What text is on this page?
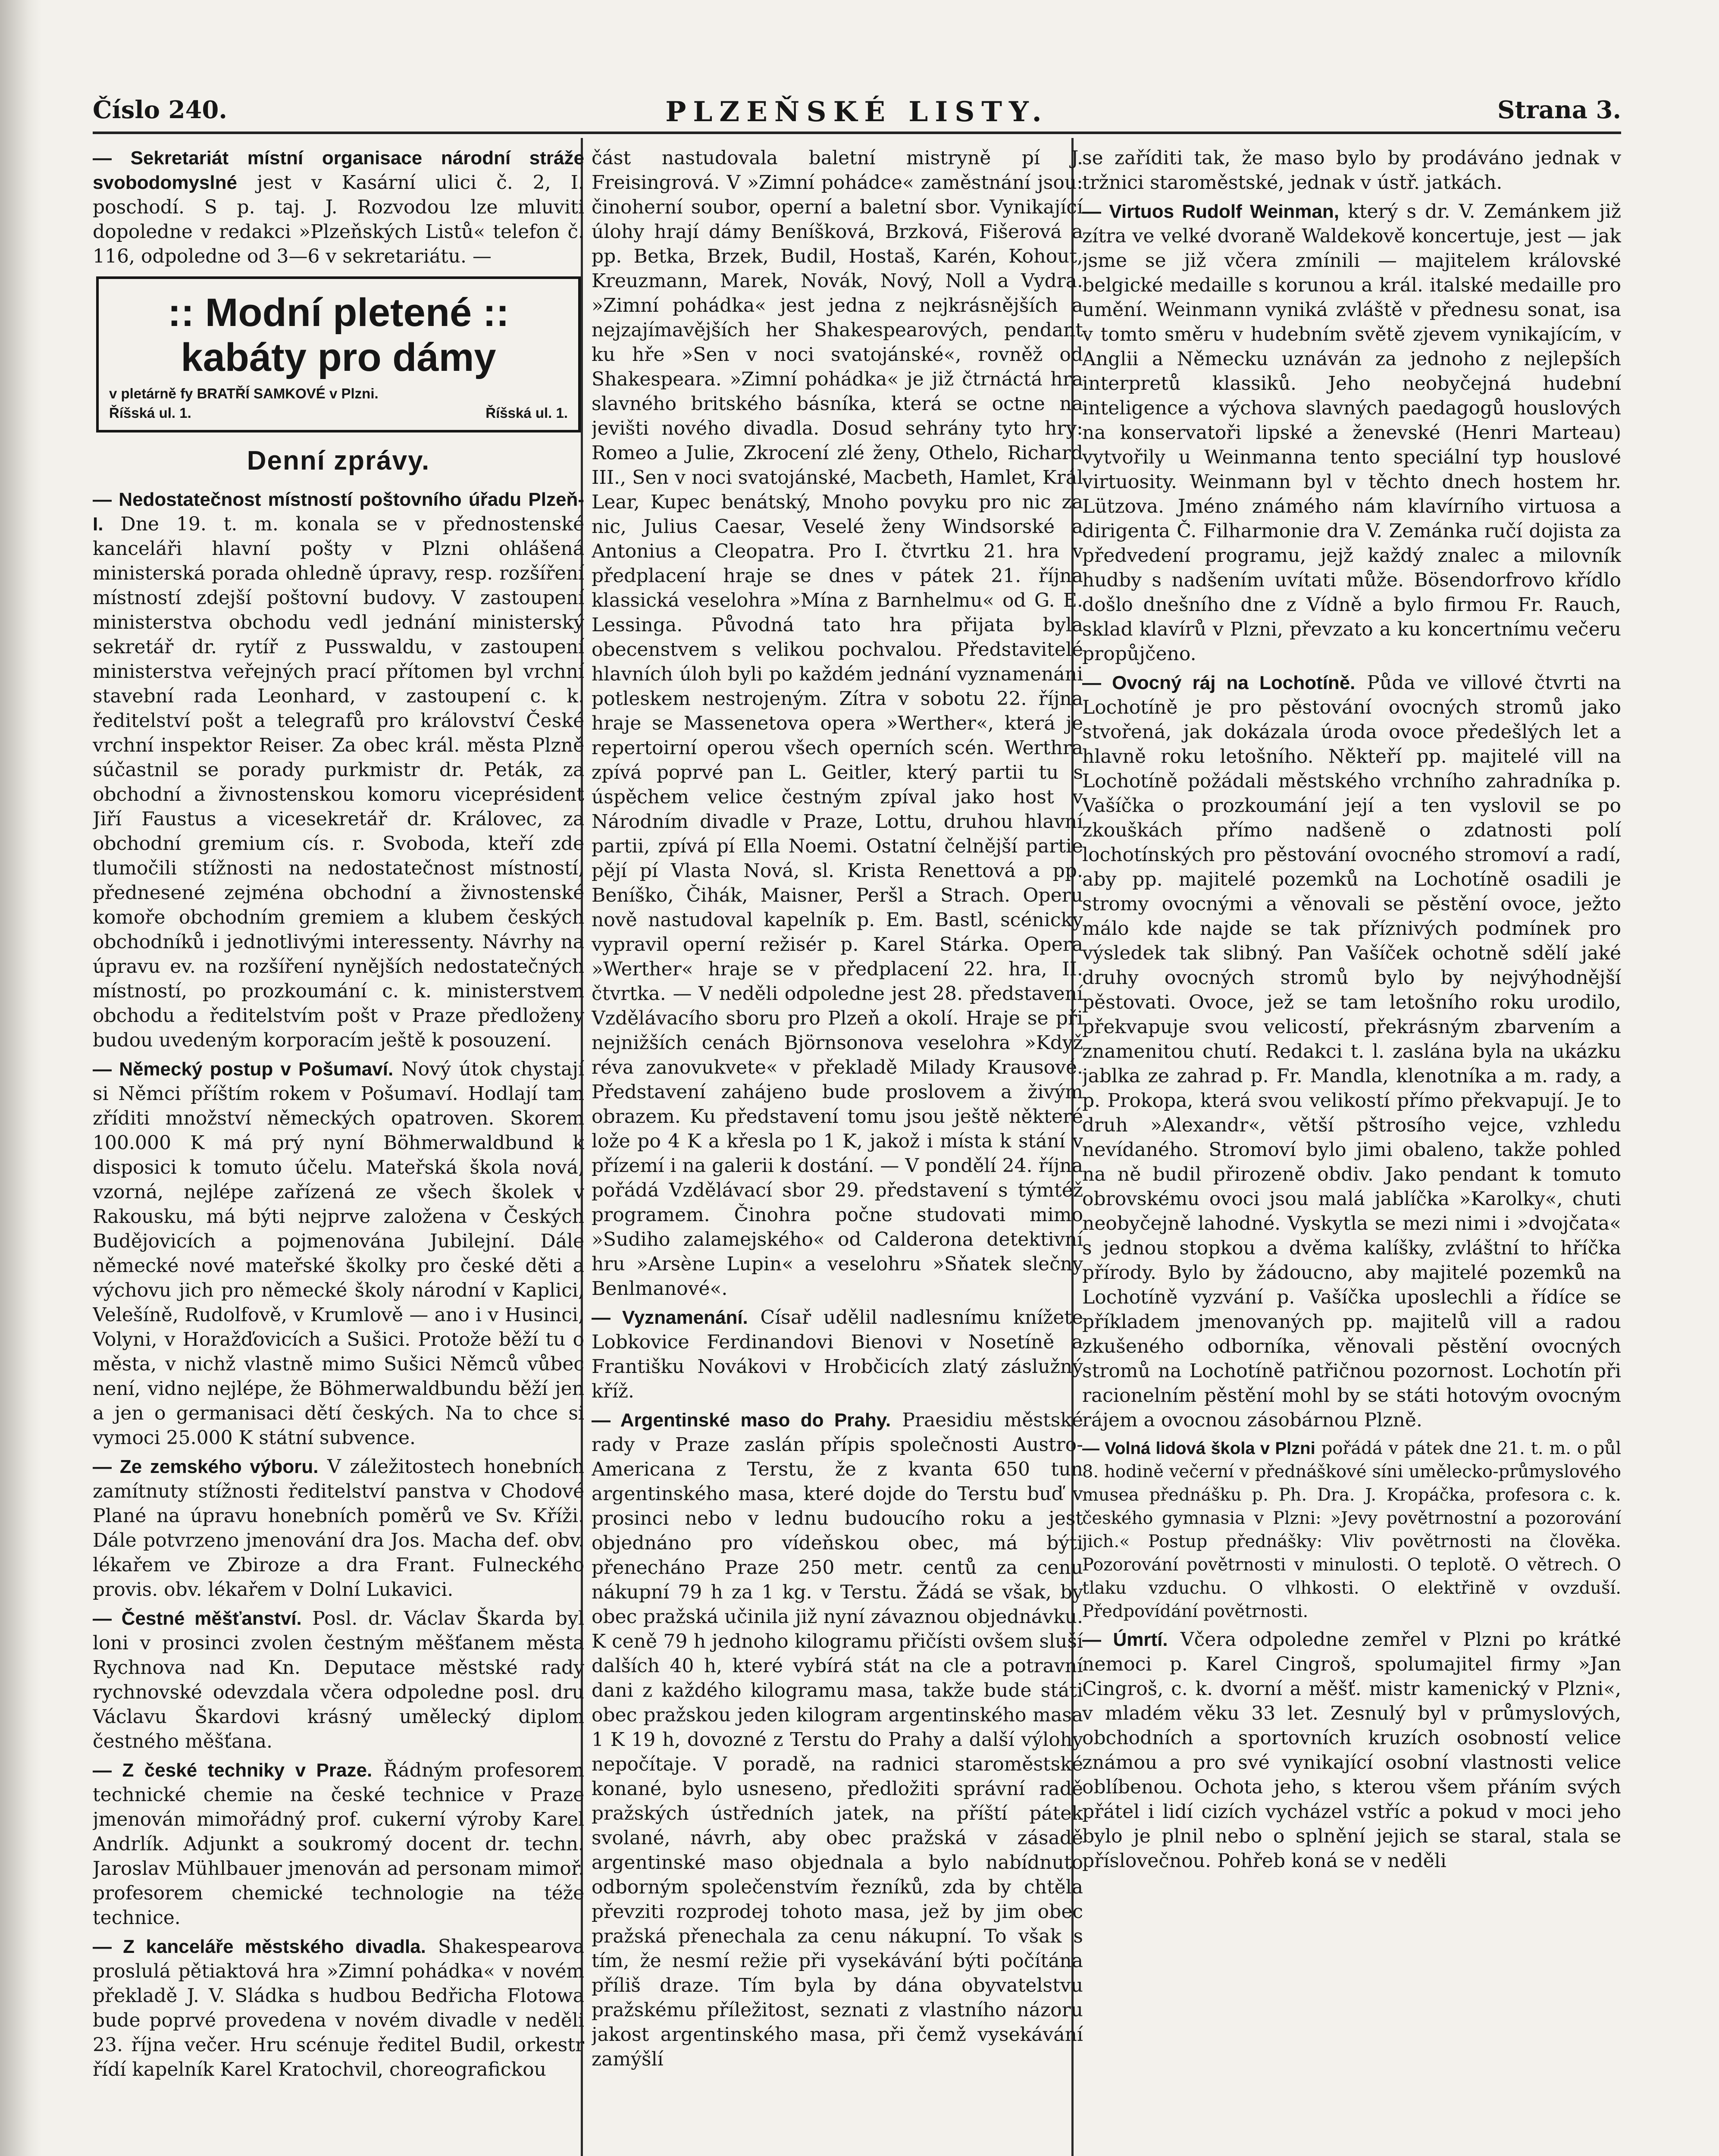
PLZEŇSKÉ LISTY.
Číslo 240.	Strana 3.

— Sekretariát místní organisace národní stráže svobodomyslné jest v Kasární ulici č. 2, I. poschodí. S p. taj. J. Rozvodou lze mluviti dopoledne v redakci »Plzeňských Listů« telefon č. 116, odpoledne od 3—6 v sekretariátu. —

:: Modní pletené ::
kabáty pro dámy
v pletárně fy BRATŘÍ SAMKOVÉ v Plzni.
Říšská ul. 1.	Říšská ul. 1.
Denní zprávy.

— Nedostatečnost místností poštovního úřadu Plzeň-I. Dne 19. t. m. konala se v přednostenské kanceláři hlavní pošty v Plzni ohlášená ministerská porada ohledně úpravy, resp. rozšíření místností zdejší poštovní budovy. V zastoupení ministerstva obchodu vedl jednání ministerský sekretář dr. rytíř z Pusswaldu, v zastoupení ministerstva veřejných prací přítomen byl vrchní stavební rada Leonhard, v zastoupení c. k. ředitelství pošt a telegrafů pro království České vrchní inspektor Reiser. Za obec král. města Plzně súčastnil se porady purkmistr dr. Peták, za obchodní a živnostenskou komoru viceprésident Jiří Faustus a vicesekretář dr. Královec, za obchodní gremium cís. r. Svoboda, kteří zde tlumočili stížnosti na nedostatečnost místností, přednesené zejména obchodní a živnostenské komoře obchodním gremiem a klubem českých obchodníků i jednotlivými interessenty. Návrhy na úpravu ev. na rozšíření nynějších nedostatečných místností, po prozkoumání c. k. ministerstvem obchodu a ředitelstvím pošt v Praze předloženy budou uvedeným korporacím ještě k posouzení.

— Německý postup v Pošumaví. Nový útok chystají si Němci příštím rokem v Pošumaví. Hodlají tam zříditi množství německých opatroven. Skorem 100.000 K má prý nyní Böhmerwaldbund k disposici k tomuto účelu. Mateřská škola nová, vzorná, nejlépe zařízená ze všech školek v Rakousku, má býti nejprve založena v Českých Budějovicích a pojmenována Jubilejní. Dále německé nové mateřské školky pro české děti a výchovu jich pro německé školy národní v Kaplici, Velešíně, Rudolfově, v Krumlově — ano i v Husinci, Volyni, v Horažďovicích a Sušici. Protože běží tu o města, v nichž vlastně mimo Sušici Němců vůbec není, vidno nejlépe, že Böhmerwaldbundu běží jen a jen o germanisaci dětí českých. Na to chce si vymoci 25.000 K státní subvence.

— Ze zemského výboru. V záležitostech honebních zamítnuty stížnosti ředitelství panstva v Chodové Plané na úpravu honebních poměrů ve Sv. Kříži. Dále potvrzeno jmenování dra Jos. Macha def. obv. lékařem ve Zbiroze a dra Frant. Fulneckého provis. obv. lékařem v Dolní Lukavici.

— Čestné měšťanství. Posl. dr. Václav Škarda byl loni v prosinci zvolen čestným měšťanem města Rychnova nad Kn. Deputace městské rady rychnovské odevzdala včera odpoledne posl. dru Václavu Škardovi krásný umělecký diplom čestného měšťana.

— Z české techniky v Praze. Řádným profesorem technické chemie na české technice v Praze jmenován mimořádný prof. cukerní výroby Karel Andrlík. Adjunkt a soukromý docent dr. techn. Jaroslav Mühlbauer jmenován ad personam mimoř. profesorem chemické technologie na téže technice.

— Z kanceláře městského divadla. Shakespearova proslulá pětiaktová hra »Zimní pohádka« v novém překladě J. V. Sládka s hudbou Bedřicha Flotowa bude poprvé provedena v novém divadle v neděli 23. října večer. Hru scénuje ředitel Budil, orkestr řídí kapelník Karel Kratochvil, choreografickou

část nastudovala baletní mistryně pí J. Freisingrová. V »Zimní pohádce« zaměstnání jsou: činoherní soubor, operní a baletní sbor. Vynikající úlohy hrají dámy Beníšková, Brzková, Fišerová a pp. Betka, Brzek, Budil, Hostaš, Karén, Kohout, Kreuzmann, Marek, Novák, Nový, Noll a Vydra. »Zimní pohádka« jest jedna z nejkrásnějších a nejzajímavějších her Shakespearových, pendant ku hře »Sen v noci svatojánské«, rovněž od Shakespeara. »Zimní pohádka« je již čtrnáctá hra slavného britského básníka, která se octne na jevišti nového divadla. Dosud sehrány tyto hry: Romeo a Julie, Zkrocení zlé ženy, Othelo, Richard III., Sen v noci svatojánské, Macbeth, Hamlet, Král Lear, Kupec benátský, Mnoho povyku pro nic za nic, Julius Caesar, Veselé ženy Windsorské a Antonius a Cleopatra. Pro I. čtvrtku 21. hra v předplacení hraje se dnes v pátek 21. října klassická veselohra »Mína z Barnhelmu« od G. E. Lessinga. Původná tato hra přijata byla obecenstvem s velikou pochvalou. Představitelé hlavních úloh byli po každém jednání vyznamenáni potleskem nestrojeným. Zítra v sobotu 22. října hraje se Massenetova opera »Werther«, která je repertoirní operou všech operních scén. Werthra zpívá poprvé pan L. Geitler, který partii tu s úspěchem velice čestným zpíval jako host v Národním divadle v Praze, Lottu, druhou hlavní partii, zpívá pí Ella Noemi. Ostatní čelnější partie pějí pí Vlasta Nová, sl. Krista Renettová a pp. Beníško, Čihák, Maisner, Peršl a Strach. Operu nově nastudoval kapelník p. Em. Bastl, scénicky vypravil operní režisér p. Karel Stárka. Opera »Werther« hraje se v předplacení 22. hra, II. čtvrtka. — V neděli odpoledne jest 28. představení Vzdělávacího sboru pro Plzeň a okolí. Hraje se při nejnižších cenách Björnsonova veselohra »Když révа zanovukvete« v překladě Milady Krausové. Představení zahájeno bude proslovem a živým obrazem. Ku představení tomu jsou ještě některé lože po 4 K a křesla po 1 K, jakož i místa k stání v přízemí i na galerii k dostání. — V pondělí 24. října pořádá Vzdělávací sbor 29. představení s týmtéž programem. Činohra počne studovati mimo »Sudiho zalamejského« od Calderona detektivní hru »Arsène Lupin« a veselohru »Sňatek slečny Benlmanové«.

— Vyznamenání. Císař udělil nadlesnímu knížete Lobkovice Ferdinandovi Bienovi v Nosetíně a Františku Novákovi v Hrobčicích zlatý záslužný kříž.

— Argentinské maso do Prahy. Praesidiu městské rady v Praze zaslán přípis společnosti Austro-Americana z Terstu, že z kvanta 650 tun argentinského masa, které dojde do Terstu buď v prosinci nebo v lednu budoucího roku a jest objednáno pro vídeňskou obec, má býti přeneсháno Praze 250 metr. centů za cenu nákupní 79 h za 1 kg. v Terstu. Žádá se však, by obec pražská učinila již nyní závaznou objednávku. K ceně 79 h jednoho kilogramu přičísti ovšem sluší dalších 40 h, které vybírá stát na cle a potravní dani z každého kilogramu masa, takže bude státi obec pražskou jeden kilogram argentinského masa 1 K 19 h, dovozné z Terstu do Prahy a další výlohy nepočítaje. V poradě, na radnici staroměstské konané, bylo usneseno, předložiti správní radě pražských ústředních jatek, na příští pátek svolané, návrh, aby obec pražská v zásadě argentinské maso objednala a bylo nabídnuto odborným společenstvím řezníků, zda by chtěla převziti rozprodej tohoto masa, jež by jim obec pražská přenechala za cenu nákupní. To však s tím, že nesmí režie při vysekávání býti počítána příliš draze. Tím byla by dána obyvatelstvu pražskému příležitost, seznati z vlastního názoru jakost argentinského masa, při čemž vysekávání zamýšlí

se zaříditi tak, že maso bylo by prodáváno jednak v tržnici staroměstské, jednak v ústř. jatkách.

— Virtuos Rudolf Weinman, který s dr. V. Zemánkem již zítra ve velké dvoraně Waldekově koncertuje, jest — jak jsme se již včera zmínili — majitelem královské belgické medaille s korunou a král. italské medaille pro umění. Weinmann vyniká zvláště v přednesu sonat, isa v tomto směru v hudebním světě zjevem vynikajícím, v Anglii a Německu uznáván za jednoho z nejlepších interpretů klassiků. Jeho neobyčejná hudební inteligence a výchova slavných paedagogů houslových na konservatoři lipské a ženevské (Henri Marteau) vytvořily u Weinmanna tento speciální typ houslové virtuosity. Weinmann byl v těchto dnech hostem hr. Lützova. Jméno známého nám klavírního virtuosa a dirigenta Č. Filharmonie dra V. Zemánka ručí dojista za předvedení programu, jejž každý znalec a milovník hudby s nadšením uvítati může. Bösendorfrovo křídlo došlo dnešního dne z Vídně a bylo firmou Fr. Rauch, sklad klavírů v Plzni, převzato a ku koncertnímu večeru propůjčeno.

— Ovocný ráj na Lochotíně. Půda ve villové čtvrti na Lochotíně je pro pěstování ovocných stromů jako stvořená, jak dokázala úroda ovoce předešlých let a hlavně roku letošního. Někteří pp. majitelé vill na Lochotíně požádali městského vrchního zahradníka p. Vašíčka o prozkoumání její a ten vyslovil se po zkouškách přímo nadšeně o zdatnosti polí lochotínských pro pěstování ovocného stromoví a radí, aby pp. majitelé pozemků na Lochotíně osadili je stromy ovocnými a věnovali se pěstění ovoce, ježto málo kde najde se tak příznivých podmínek pro výsledek tak slibný. Pan Vašíček ochotně sdělí jaké druhy ovocných stromů bylo by nejvýhodnější pěstovati. Ovoce, jež se tam letošního roku urodilo, překvapuje svou velicostí, překrásným zbarvením a znamenitou chutí. Redakci t. l. zaslána byla na ukázku jablka ze zahrad p. Fr. Mandla, klenotníka a m. rady, a p. Prokopa, která svou velikostí přímo překvapují. Je to druh »Alexandr«, větší pštrosího vejce, vzhledu nevídaného. Stromoví bylo jimi obaleno, takže pohled na ně budil přirozeně obdiv. Jako pendant k tomuto obrovskému ovoci jsou malá jablíčka »Karolky«, chuti neobyčejně lahodné. Vyskytla se mezi nimi i »dvojčata« s jednou stopkou a dvěma kalíšky, zvláštní to hříčka přírody. Bylo by žádoucno, aby majitelé pozemků na Lochotíně vyzvání p. Vašíčka uposlechli a řídíce se příkladem jmenovaných pp. majitelů vill a radou zkušeného odborníka, věnovali pěstění ovocných stromů na Lochotíně patřičnou pozornost. Lochotín při racionelním pěstění mohl by se státi hotovým ovocným rájem a ovocnou zásobárnou Plzně.

— Volná lidová škola v Plzni pořádá v pátek dne 21. t. m. o půl 8. hodině večerní v přednáškové síni umělecko-průmyslového musea přednášku p. Ph. Dra. J. Kropáčka, profesora c. k. českého gymnasia v Plzni: »Jevy povětrnostní a pozorování jich.« Postup přednášky: Vliv povětrnosti na člověka. Pozorování povětrnosti v minulosti. O teplotě. O větrech. O tlaku vzduchu. O vlhkosti. O elektřině v ovzduší. Předpovídání povětrnosti.

— Úmrtí. Včera odpoledne zemřel v Plzni po krátké nemoci p. Karel Cingroš, spolumajitel firmy »Jan Cingroš, c. k. dvorní a měšť. mistr kamenický v Plzni«, v mladém věku 33 let. Zesnulý byl v průmyslových, obchodních a sportovních kruzích osobností velice známou a pro své vynikající osobní vlastnosti velice oblíbenou. Ochota jeho, s kterou všem přáním svých přátel i lidí cizích vycházel vstříc a pokud v moci jeho bylo je plnil nebo o splnění jejich se staral, stala se příslovečnou. Pohřeb koná se v neděli
